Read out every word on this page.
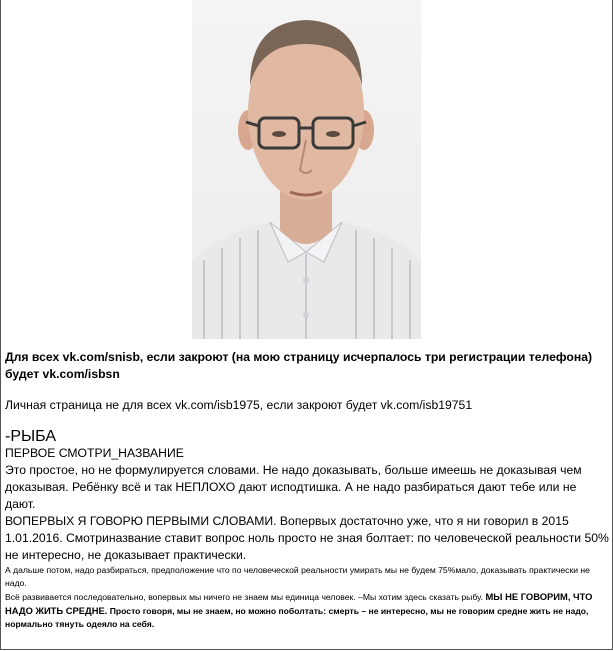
Для всех vk.com/snisb, если закроют (на мою страницу исчерпалось три регистрации телефона)

будет vk.com/isbsn

Личная страница не для всех vk.com/isb1975, если закроют будет vk.com/isb19751

-РЫБА

ПЕРВОЕ СМОТРИ_НАЗВАНИЕ

Это простое, но не формулируется словами. Не надо доказывать, больше имеешь не доказывая чем доказывая. Ребёнку всё и так НЕПЛОХО дают исподтишка. А не надо разбираться дают тебе или не дают.

ВОПЕРВЫХ Я ГОВОРЮ ПЕРВЫМИ СЛОВАМИ. Вопервых достаточно уже, что я ни говорил в 2015 1.01.2016. Смотриназвание ставит вопрос ноль просто не зная болтает: по человеческой реальности 50% не интересно, не доказывает практически.

А дальше потом, надо разбираться, предположение что по человеческой реальности умирать мы не будем 75%мало, доказывать практически не надо.

Всё развивается последовательно, вопервых мы ничего не знаем мы единица человек. –Мы хотим здесь сказать рыбу. МЫ НЕ ГОВОРИМ, ЧТО НАДО ЖИТЬ СРЕДНЕ. Просто говоря, мы не знаем, но можно поболтать: смерть – не интересно, мы не говорим средне жить не надо, нормально тянуть одеяло на себя.
